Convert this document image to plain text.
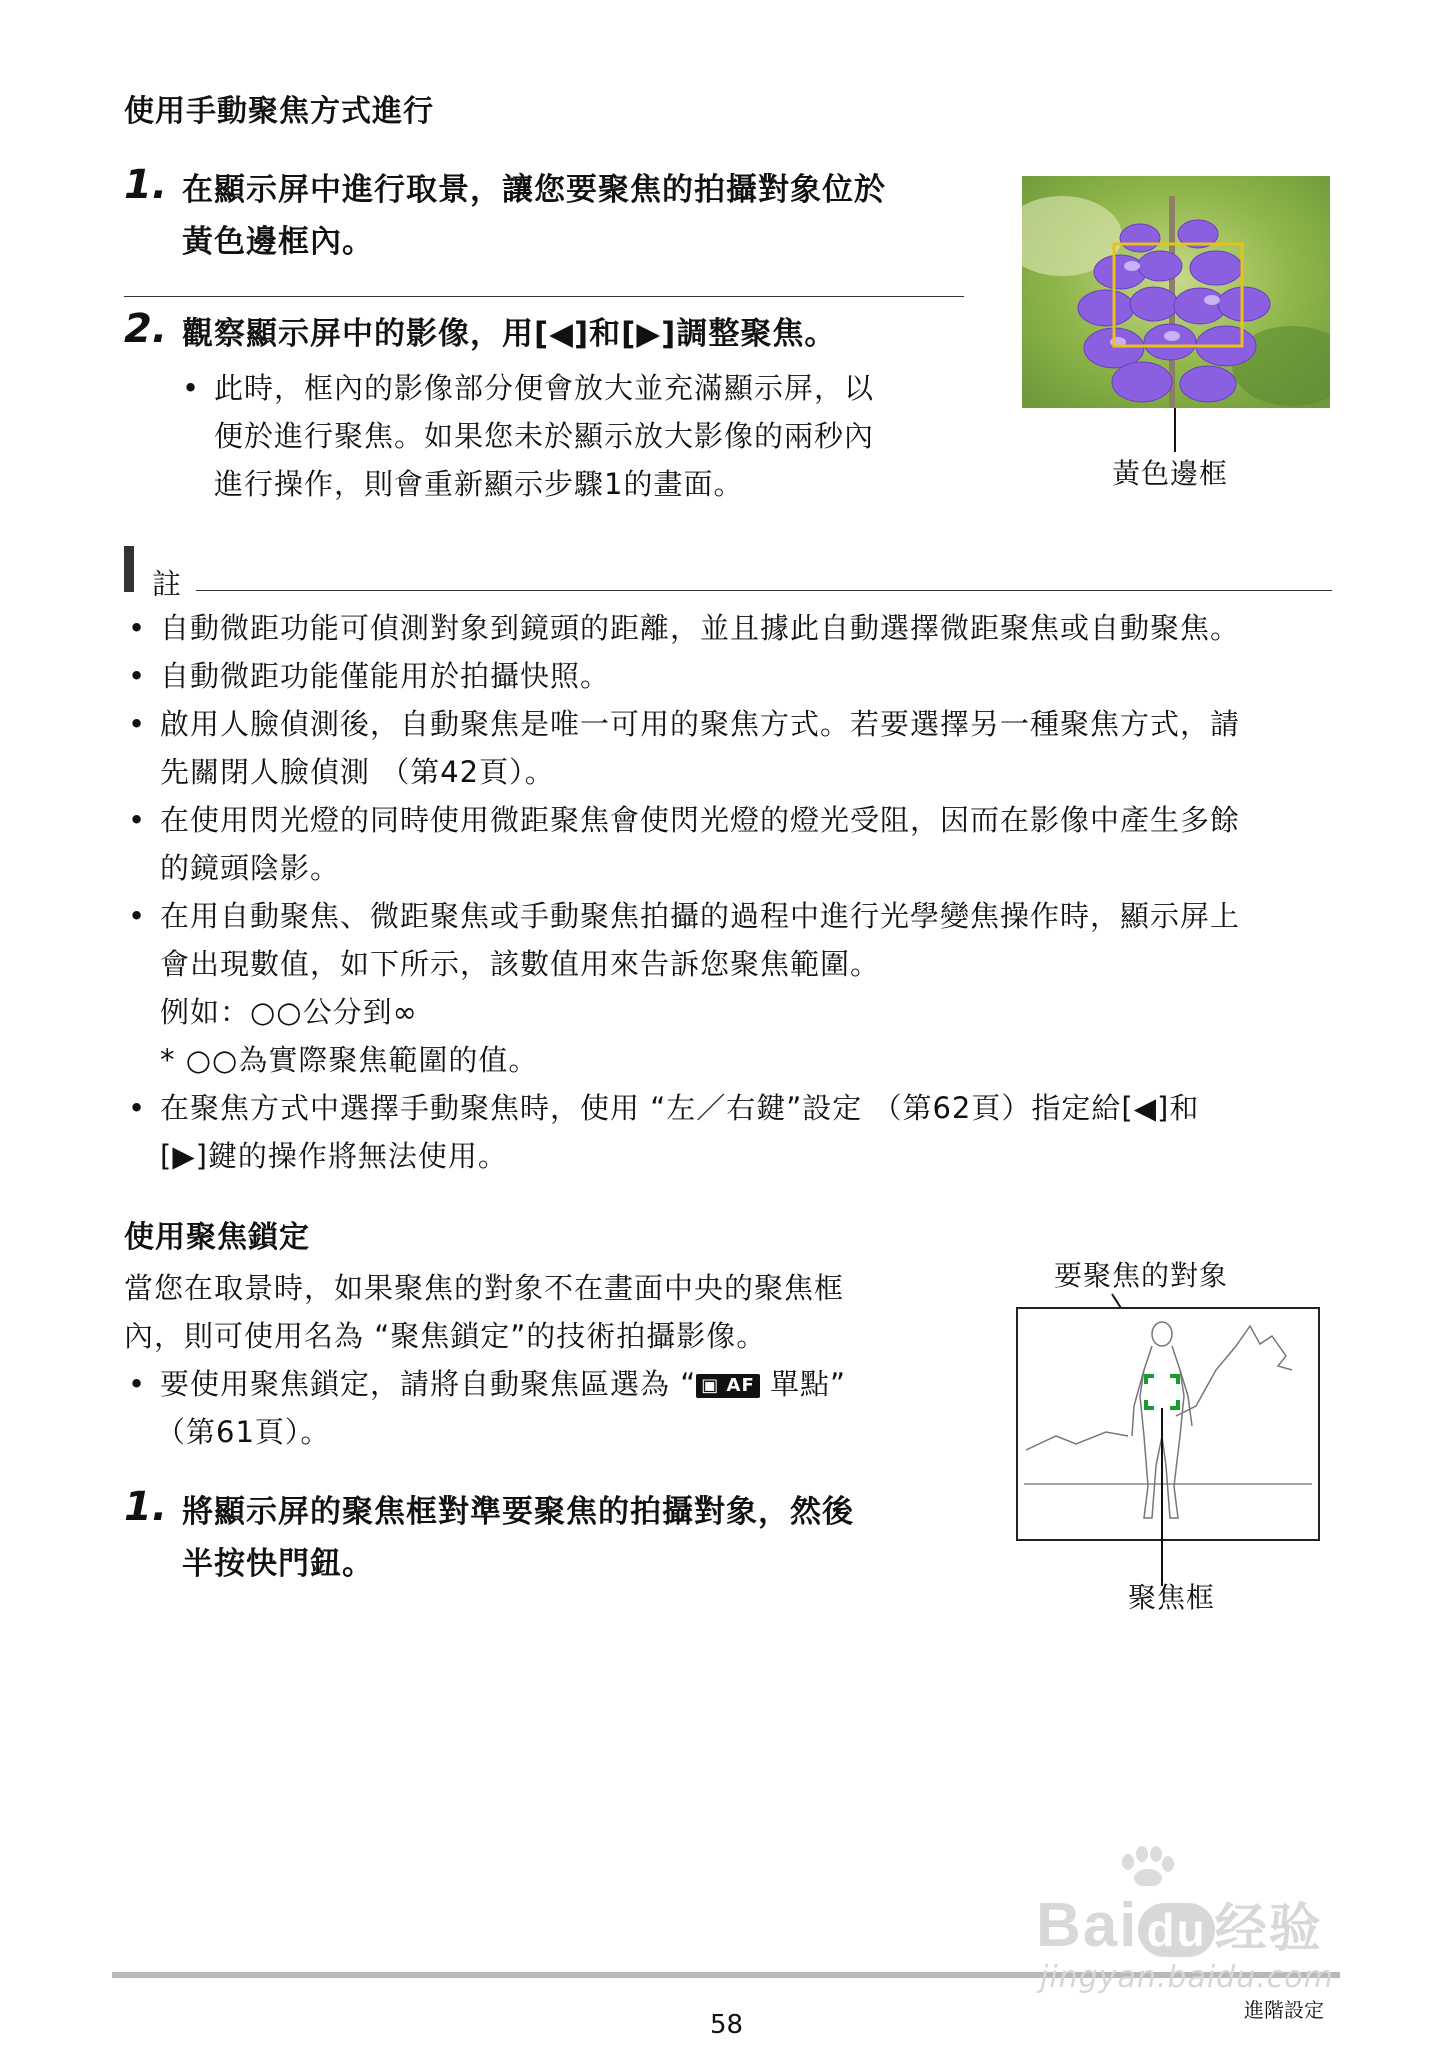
使用手動聚焦方式進行
1. 在顯示屏中進行取景，讓您要聚焦的拍攝對象位於
黃色邊框內。
2. 觀察顯示屏中的影像，用[◀]和[▶]調整聚焦。
• 此時，框內的影像部分便會放大並充滿顯示屏，以
便於進行聚焦。如果您未於顯示放大影像的兩秒內
進行操作，則會重新顯示步驟1的畫面。	黃色邊框
註
• 自動微距功能可偵測對象到鏡頭的距離，並且據此自動選擇微距聚焦或自動聚焦。
• 自動微距功能僅能用於拍攝快照。
• 啟用人臉偵測後，自動聚焦是唯一可用的聚焦方式。若要選擇另一種聚焦方式，請
先關閉人臉偵測 （第42頁）。
• 在使用閃光燈的同時使用微距聚焦會使閃光燈的燈光受阻，因而在影像中產生多餘
的鏡頭陰影。
• 在用自動聚焦、微距聚焦或手動聚焦拍攝的過程中進行光學變焦操作時，顯示屏上
會出現數值，如下所示，該數值用來告訴您聚焦範圍。
例如：○○公分到∞
* ○○為實際聚焦範圍的值。
• 在聚焦方式中選擇手動聚焦時，使用 “左／右鍵”設定 （第62頁）指定給[◀]和
[▶]鍵的操作將無法使用。
使用聚焦鎖定
當您在取景時，如果聚焦的對象不在畫面中央的聚焦框
內，則可使用名為 “聚焦鎖定”的技術拍攝影像。
• 要使用聚焦鎖定，請將自動聚焦區選為 “ ▣ AF 單點”
（第61頁）。
1. 將顯示屏的聚焦框對準要聚焦的拍攝對象，然後
半按快門鈕。
要聚焦的對象
聚焦框
Bai du 经验
jingyan.baidu.com
58	進階設定
